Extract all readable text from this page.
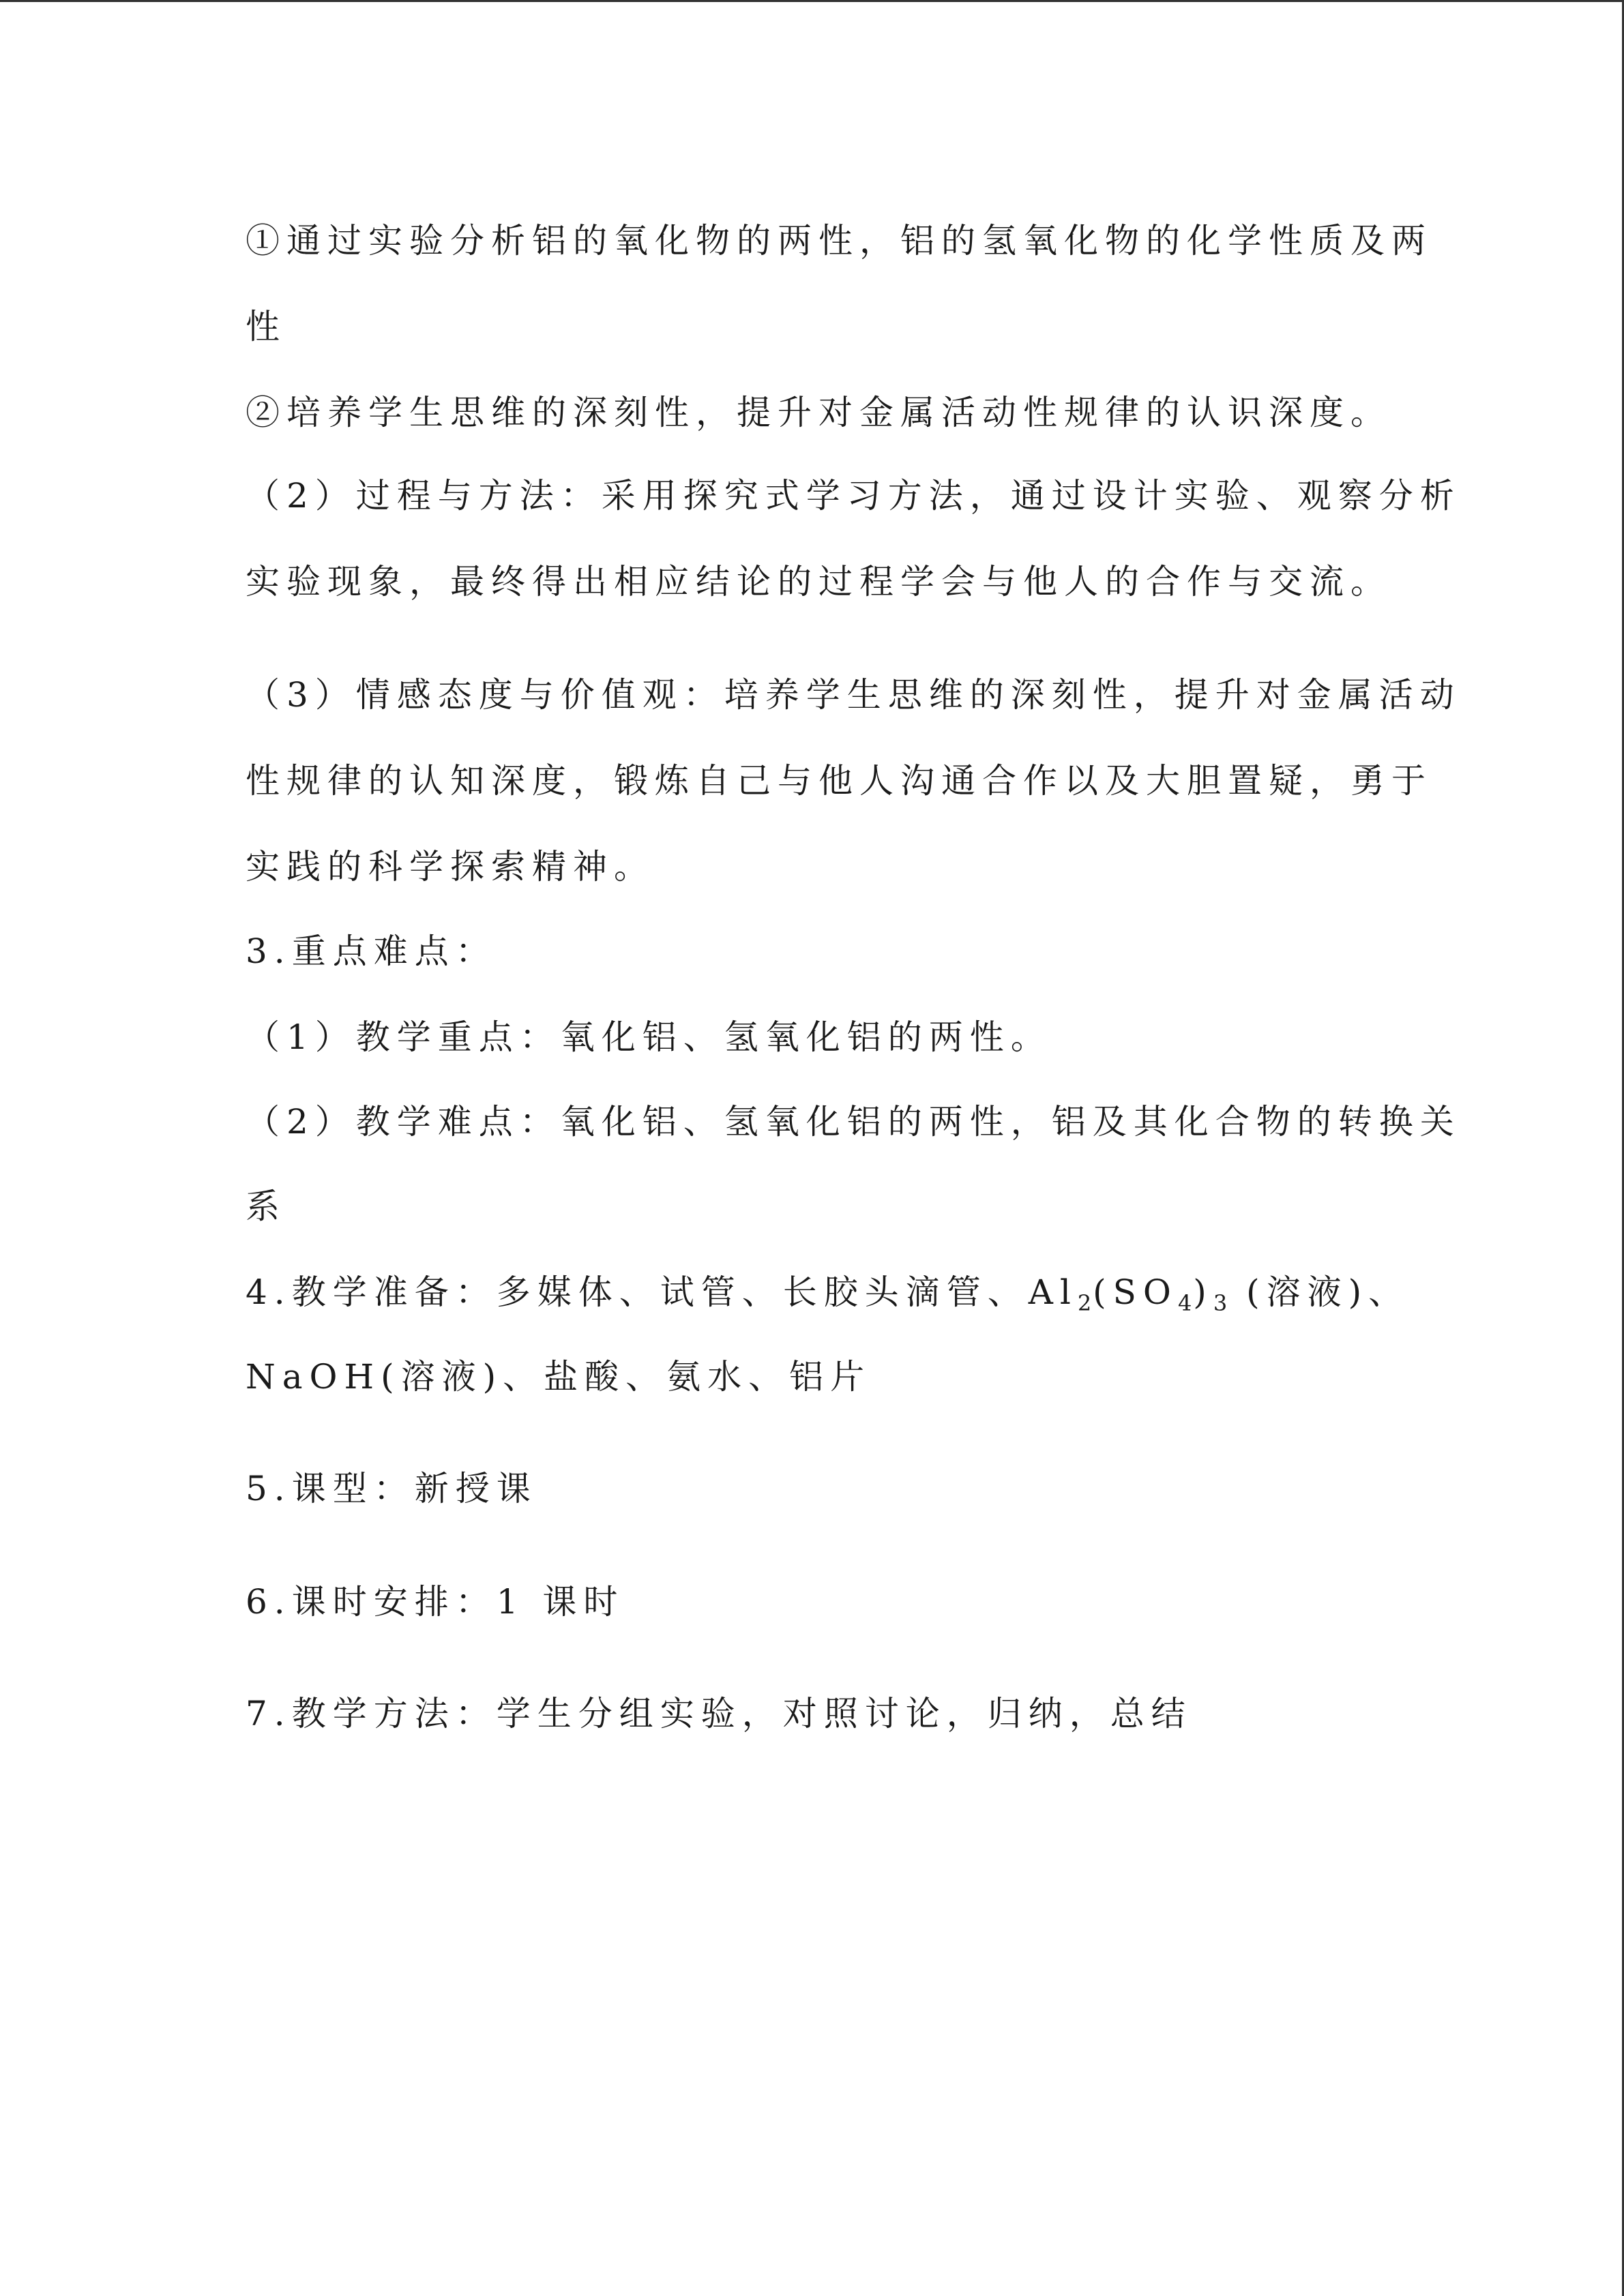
①通过实验分析铝的氧化物的两性，铝的氢氧化物的化学性质及两
性
②培养学生思维的深刻性，提升对金属活动性规律的认识深度。
（2）过程与方法：采用探究式学习方法，通过设计实验、观察分析
实验现象，最终得出相应结论的过程学会与他人的合作与交流。
（3）情感态度与价值观：培养学生思维的深刻性，提升对金属活动
性规律的认知深度，锻炼自己与他人沟通合作以及大胆置疑，勇于
实践的科学探索精神。
3.重点难点：
（1）教学重点：氧化铝、氢氧化铝的两性。
（2）教学难点：氧化铝、氢氧化铝的两性，铝及其化合物的转换关
系
4.教学准备：多媒体、试管、长胶头滴管、$Al_2(SO_4)_3$ (溶液)、
NaOH(溶液)、盐酸、氨水、铝片
5.课型：新授课
6.课时安排：1 课时
7.教学方法：学生分组实验，对照讨论，归纳，总结
